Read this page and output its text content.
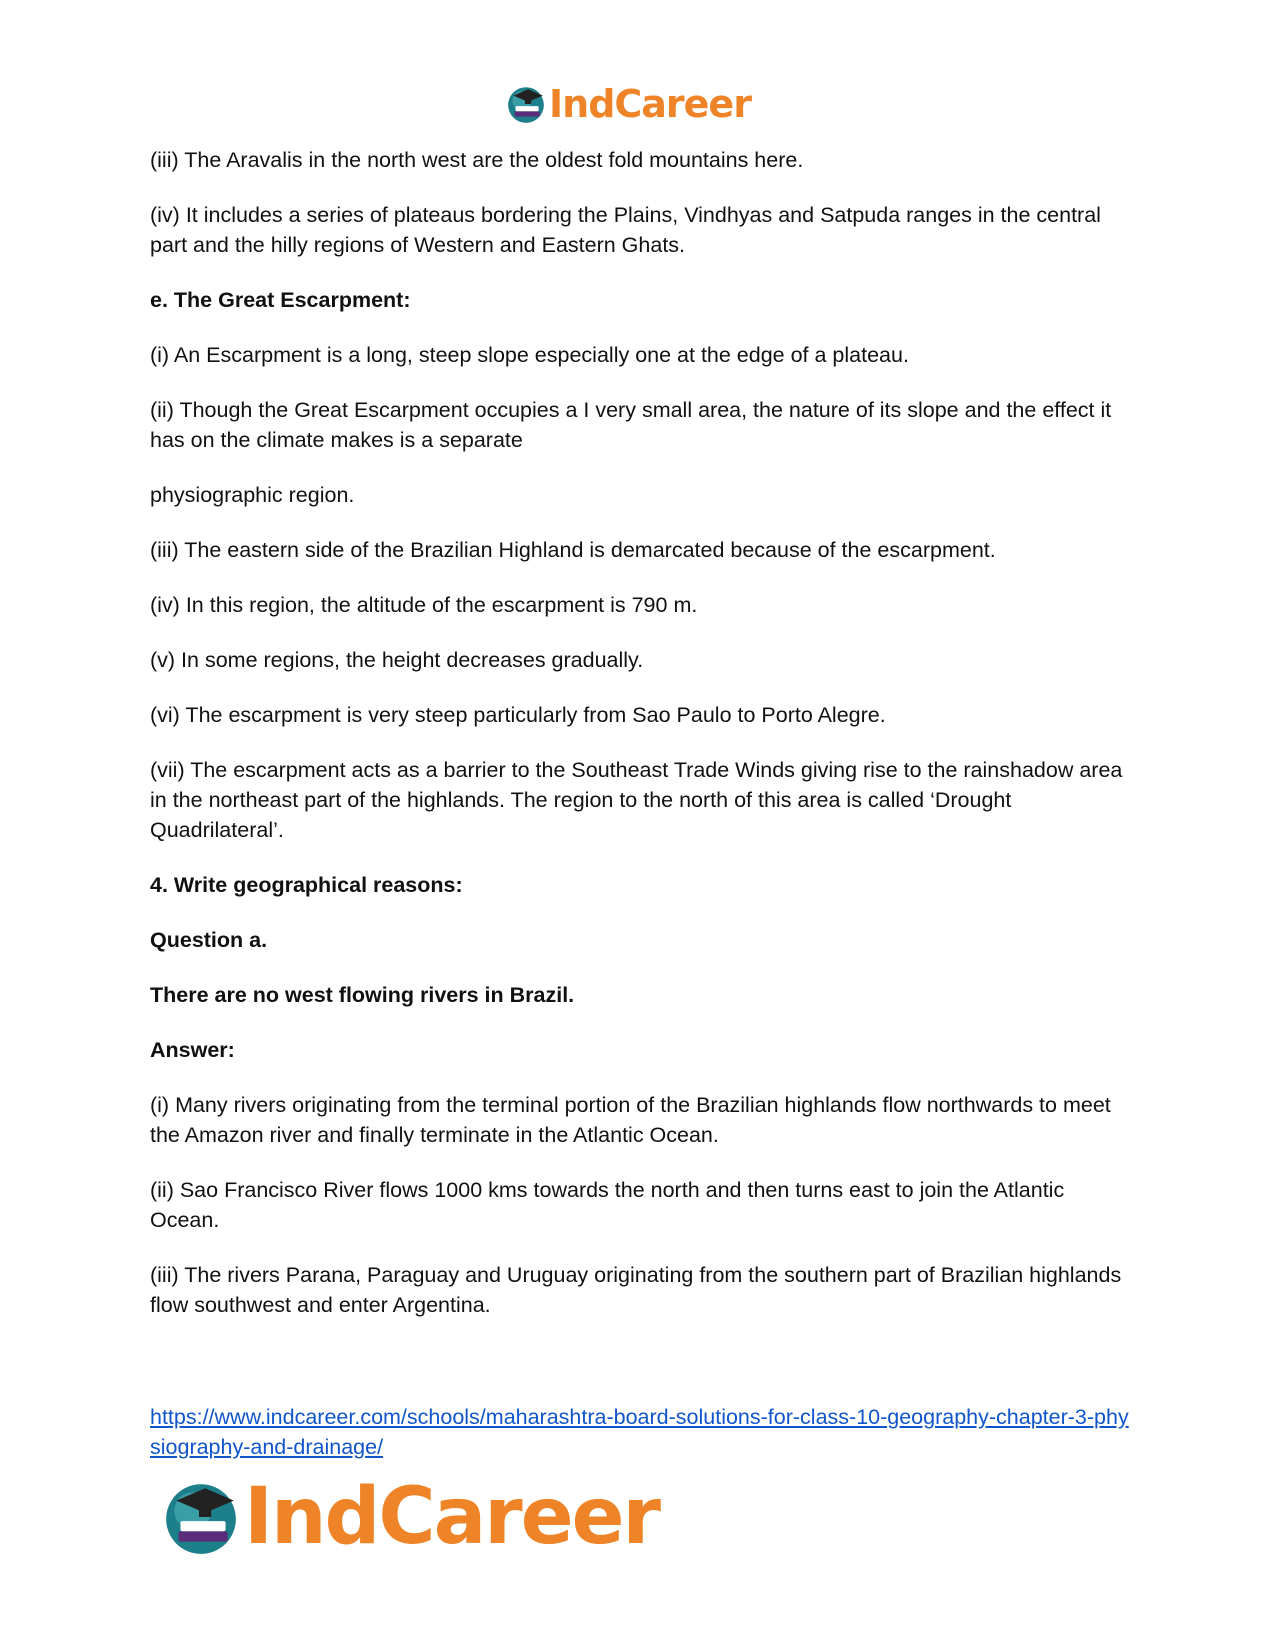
IndCareer

(iii) The Aravalis in the north west are the oldest fold mountains here.

(iv) It includes a series of plateaus bordering the Plains, Vindhyas and Satpuda ranges in the central part and the hilly regions of Western and Eastern Ghats.

e. The Great Escarpment:

(i) An Escarpment is a long, steep slope especially one at the edge of a plateau.

(ii) Though the Great Escarpment occupies a I very small area, the nature of its slope and the effect it has on the climate makes is a separate

physiographic region.

(iii) The eastern side of the Brazilian Highland is demarcated because of the escarpment.

(iv) In this region, the altitude of the escarpment is 790 m.

(v) In some regions, the height decreases gradually.

(vi) The escarpment is very steep particularly from Sao Paulo to Porto Alegre.

(vii) The escarpment acts as a barrier to the Southeast Trade Winds giving rise to the rainshadow area in the northeast part of the highlands. The region to the north of this area is called ‘Drought Quadrilateral’.

4. Write geographical reasons:

Question a.

There are no west flowing rivers in Brazil.

Answer:

(i) Many rivers originating from the terminal portion of the Brazilian highlands flow northwards to meet the Amazon river and finally terminate in the Atlantic Ocean.

(ii) Sao Francisco River flows 1000 kms towards the north and then turns east to join the Atlantic Ocean.

(iii) The rivers Parana, Paraguay and Uruguay originating from the southern part of Brazilian highlands flow southwest and enter Argentina.

https://www.indcareer.com/schools/maharashtra-board-solutions-for-class-10-geography-chapter-3-physiography-and-drainage/
IndCareer
